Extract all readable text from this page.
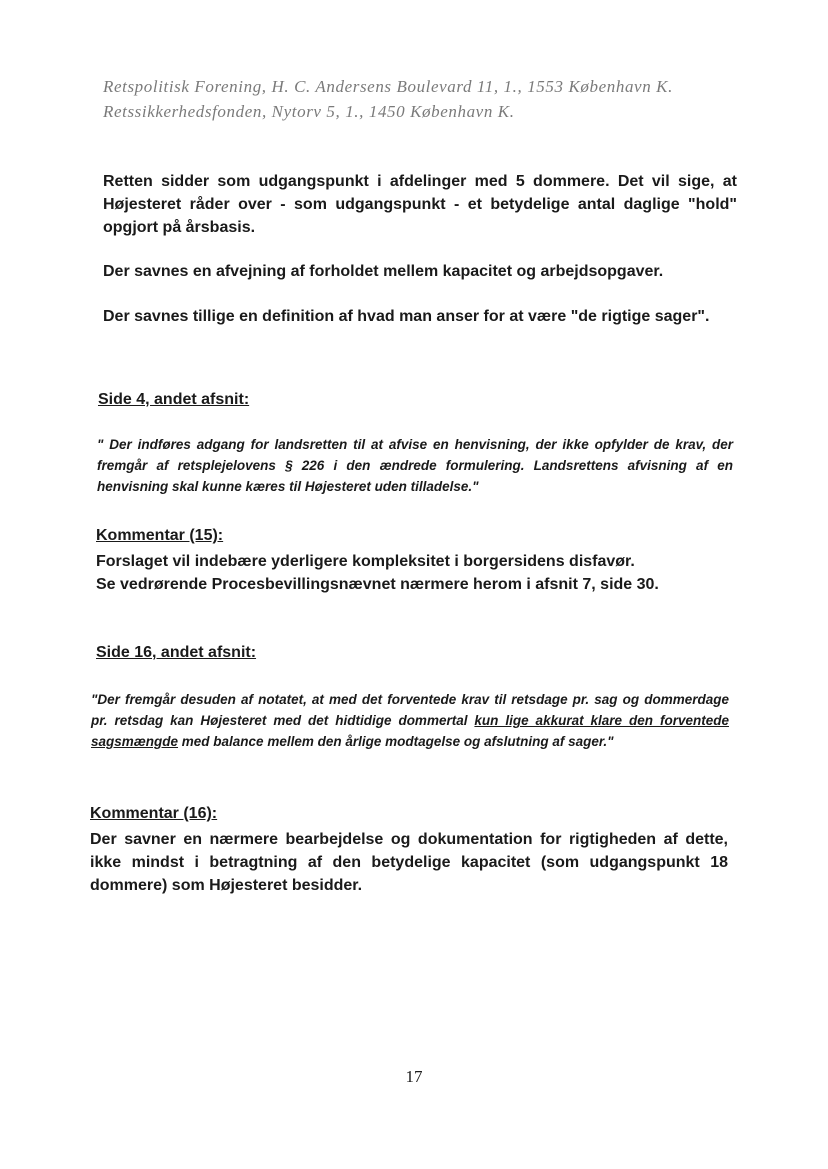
Retspolitisk Forening, H. C. Andersens Boulevard 11, 1., 1553 København K.
Retssikkerhedsfonden, Nytorv 5, 1., 1450 København K.
Retten sidder som udgangspunkt i afdelinger med 5 dommere. Det vil sige, at Højesteret råder over - som udgangspunkt - et betydelige antal daglige "hold" opgjort på årsbasis.
Der savnes en afvejning af forholdet mellem kapacitet og arbejdsopgaver.
Der savnes tillige en definition af hvad man anser for at være "de rigtige sager".
Side 4, andet afsnit:
" Der indføres adgang for landsretten til at afvise en henvisning, der ikke opfylder de krav, der fremgår af retsplejelovens § 226 i den ændrede formulering. Landsrettens afvisning af en henvisning skal kunne kæres til Højesteret uden tilladelse."
Kommentar (15):
Forslaget vil indebære yderligere kompleksitet i borgersidens disfavør.
Se vedrørende Procesbevillingsnævnet nærmere herom i afsnit 7, side 30.
Side 16, andet afsnit:
"Der fremgår desuden af notatet, at med det forventede krav til retsdage pr. sag og dommerdage pr. retsdag kan Højesteret med det hidtidige dommertal kun lige akkurat klare den forventede sagsmængde med balance mellem den årlige modtagelse og afslutning af sager."
Kommentar (16):
Der savner en nærmere bearbejdelse og dokumentation for rigtigheden af dette, ikke mindst i betragtning af den betydelige kapacitet (som udgangspunkt 18 dommere) som Højesteret besidder.
17
